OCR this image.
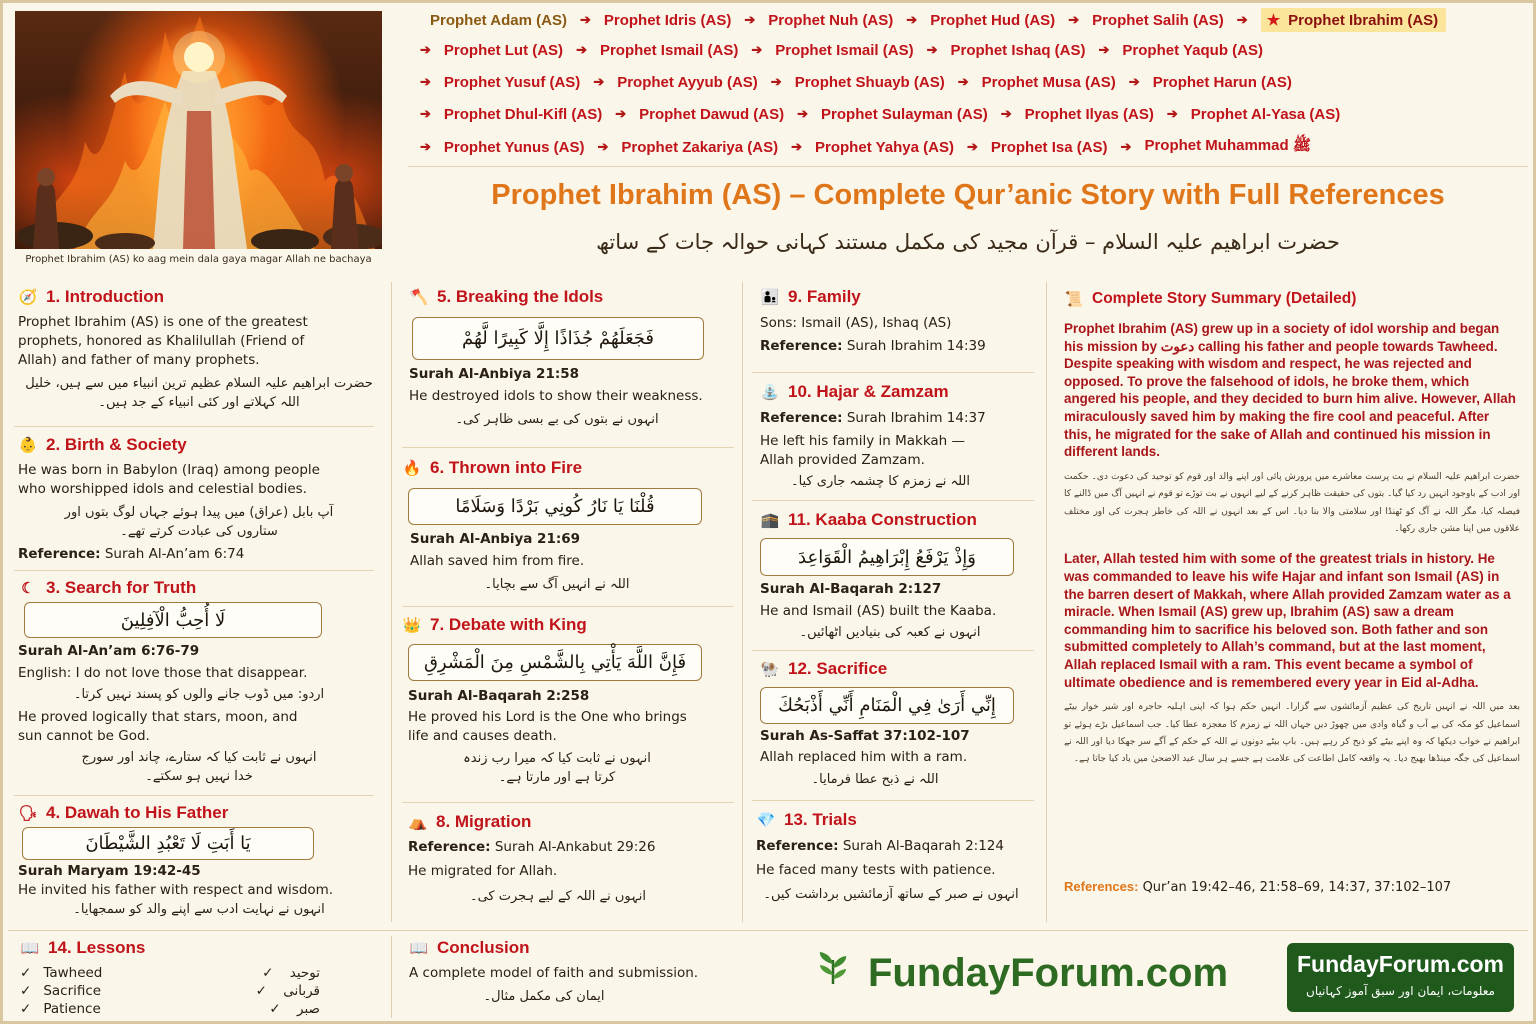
Prophet Ibrahim (AS) ko aag mein dala gaya magar Allah ne bachaya
Prophet Adam (AS) ➔ Prophet Idris (AS) ➔ Prophet Nuh (AS) ➔ Prophet Hud (AS) ➔ Prophet Salih (AS) ➔	★ Prophet Ibrahim (AS)
➔ Prophet Lut (AS) ➔ Prophet Ismail (AS) ➔ Prophet Ismail (AS) ➔ Prophet Ishaq (AS) ➔ Prophet Yaqub (AS)
➔ Prophet Yusuf (AS) ➔ Prophet Ayyub (AS) ➔ Prophet Shuayb (AS) ➔ Prophet Musa (AS) ➔ Prophet Harun (AS)
➔ Prophet Dhul-Kifl (AS) ➔ Prophet Dawud (AS) ➔ Prophet Sulayman (AS) ➔ Prophet Ilyas (AS) ➔ Prophet Al-Yasa (AS)
➔ Prophet Yunus (AS) ➔ Prophet Zakariya (AS) ➔ Prophet Yahya (AS) ➔ Prophet Isa (AS) ➔ Prophet Muhammad ﷺ
Prophet Ibrahim (AS) – Complete Qur’anic Story with Full References
حضرت ابراهیم علیہ السلام – قرآن مجید کی مکمل مستند کہانی حوالہ جات کے ساتھ
🧭 1. Introduction
Prophet Ibrahim (AS) is one of the greatest prophets, honored as Khalilullah (Friend of Allah) and father of many prophets.
حضرت ابراهیم علیہ السلام عظیم ترین انبیاء میں سے ہیں، خلیل اللہ کہلاتے اور کئی انبیاء کے جد ہیں۔
👶 2. Birth & Society
He was born in Babylon (Iraq) among people who worshipped idols and celestial bodies.
آپ بابل (عراق) میں پیدا ہوئے جہاں لوگ بتوں اور ستاروں کی عبادت کرتے تھے۔
Reference: Surah Al-An’am 6:74
☾ 3. Search for Truth
لَا أُحِبُّ الْآفِلِينَ
Surah Al-An’am 6:76-79
English: I do not love those that disappear.
اردو: میں ڈوب جانے والوں کو پسند نہیں کرتا۔
He proved logically that stars, moon, and sun cannot be God.
انہوں نے ثابت کیا کہ ستارے، چاند اور سورج خدا نہیں ہو سکتے۔
🗣 4. Dawah to His Father
يَا أَبَتِ لَا تَعْبُدِ الشَّيْطَانَ
Surah Maryam 19:42-45
He invited his father with respect and wisdom.
انہوں نے نہایت ادب سے اپنے والد کو سمجھایا۔
🪓 5. Breaking the Idols
فَجَعَلَهُمْ جُذَاذًا إِلَّا كَبِيرًا لَّهُمْ
Surah Al-Anbiya 21:58
He destroyed idols to show their weakness.
انہوں نے بتوں کی بے بسی ظاہر کی۔
🔥 6. Thrown into Fire
قُلْنَا يَا نَارُ كُونِي بَرْدًا وَسَلَامًا
Surah Al-Anbiya 21:69
Allah saved him from fire.
اللہ نے انہیں آگ سے بچایا۔
👑 7. Debate with King
فَإِنَّ اللَّهَ يَأْتِي بِالشَّمْسِ مِنَ الْمَشْرِقِ
Surah Al-Baqarah 2:258
He proved his Lord is the One who brings life and causes death.
انہوں نے ثابت کیا کہ میرا رب زندہ کرتا ہے اور مارتا ہے۔
⛺ 8. Migration
Reference: Surah Al-Ankabut 29:26
He migrated for Allah.
انہوں نے اللہ کے لیے ہجرت کی۔
👨‍👦 9. Family
Sons: Ismail (AS), Ishaq (AS)
Reference: Surah Ibrahim 14:39
⛲ 10. Hajar & Zamzam
Reference: Surah Ibrahim 14:37
He left his family in Makkah — Allah provided Zamzam.
اللہ نے زمزم کا چشمہ جاری کیا۔
🕋 11. Kaaba Construction
وَإِذْ يَرْفَعُ إِبْرَاهِيمُ الْقَوَاعِدَ
Surah Al-Baqarah 2:127
He and Ismail (AS) built the Kaaba.
انہوں نے کعبہ کی بنیادیں اٹھائیں۔
🐏 12. Sacrifice
إِنِّي أَرَىٰ فِي الْمَنَامِ أَنِّي أَذْبَحُكَ
Surah As-Saffat 37:102-107
Allah replaced him with a ram.
اللہ نے ذبح عطا فرمایا۔
💎 13. Trials
Reference: Surah Al-Baqarah 2:124
He faced many tests with patience.
انہوں نے صبر کے ساتھ آزمائشیں برداشت کیں۔
📜 Complete Story Summary (Detailed)
Prophet Ibrahim (AS) grew up in a society of idol worship and began his mission by دعوت calling his father and people towards Tawheed. Despite speaking with wisdom and respect, he was rejected and opposed. To prove the falsehood of idols, he broke them, which angered his people, and they decided to burn him alive. However, Allah miraculously saved him by making the fire cool and peaceful. After this, he migrated for the sake of Allah and continued his mission in different lands.
حضرت ابراهیم علیہ السلام نے بت پرست معاشرے میں پرورش پائی اور اپنے والد اور قوم کو توحید کی دعوت دی۔ حکمت اور ادب کے باوجود انہیں رد کیا گیا۔ بتوں کی حقیقت ظاہر کرنے کے لیے انہوں نے بت توڑے تو قوم نے انہیں آگ میں ڈالنے کا فیصلہ کیا، مگر اللہ نے آگ کو ٹھنڈا اور سلامتی والا بنا دیا۔ اس کے بعد انہوں نے اللہ کی خاطر ہجرت کی اور مختلف علاقوں میں اپنا مشن جاری رکھا۔
Later, Allah tested him with some of the greatest trials in history. He was commanded to leave his wife Hajar and infant son Ismail (AS) in the barren desert of Makkah, where Allah provided Zamzam water as a miracle. When Ismail (AS) grew up, Ibrahim (AS) saw a dream commanding him to sacrifice his beloved son. Both father and son submitted completely to Allah’s command, but at the last moment, Allah replaced Ismail with a ram. This event became a symbol of ultimate obedience and is remembered every year in Eid al-Adha.
بعد میں اللہ نے انہیں تاریخ کی عظیم آزمائشوں سے گزارا۔ انہیں حکم ہوا کہ اپنی اہلیہ حاجرہ اور شیر خوار بیٹے اسماعیل کو مکہ کی بے آب و گیاہ وادی میں چھوڑ دیں جہاں اللہ نے زمزم کا معجزہ عطا کیا۔ جب اسماعیل بڑے ہوئے تو ابراهیم نے خواب دیکھا کہ وہ اپنے بیٹے کو ذبح کر رہے ہیں۔ باپ بیٹے دونوں نے اللہ کے حکم کے آگے سر جھکا دیا اور اللہ نے اسماعیل کی جگہ مینڈھا بھیج دیا۔ یہ واقعہ کامل اطاعت کی علامت ہے جسے ہر سال عید الاضحیٰ میں یاد کیا جاتا ہے۔
References: Qur’an 19:42–46, 21:58–69, 14:37, 37:102–107
📖 14. Lessons
✓ Tawheed	توحید ✓
✓ Sacrifice	قربانی ✓
✓ Patience	صبر ✓
📖 Conclusion
A complete model of faith and submission.
ایمان کی مکمل مثال۔
FundayForum.com	FundayForum.com
معلومات، ایمان اور سبق آموز کہانیاں
